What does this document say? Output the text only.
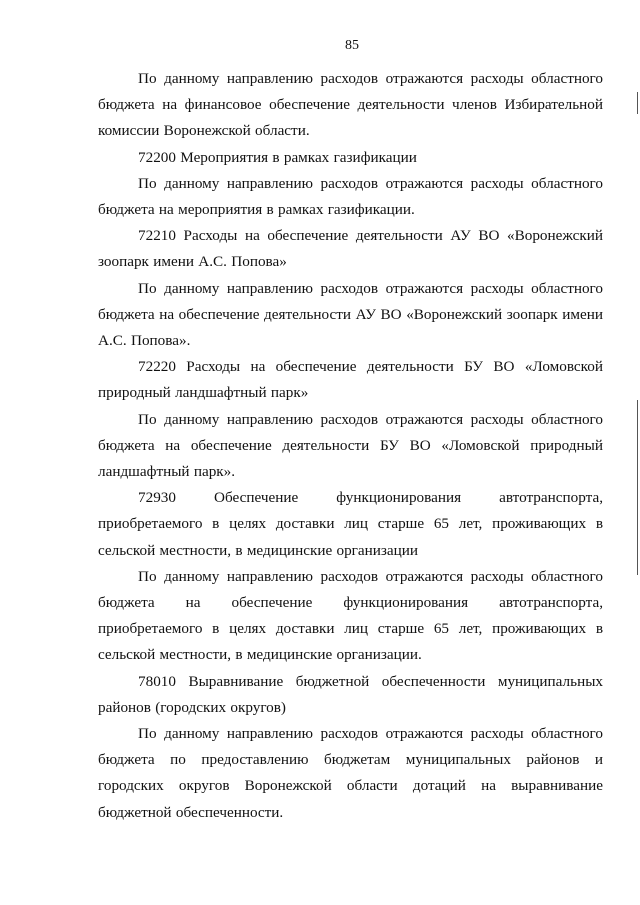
85

По данному направлению расходов отражаются расходы областного бюджета на финансовое обеспечение деятельности членов Избирательной комиссии Воронежской области.

72200 Мероприятия в рамках газификации

По данному направлению расходов отражаются расходы областного бюджета на мероприятия в рамках газификации.

72210 Расходы на обеспечение деятельности АУ ВО «Воронежский зоопарк имени А.С. Попова»

По данному направлению расходов отражаются расходы областного бюджета на обеспечение деятельности АУ ВО «Воронежский зоопарк имени А.С. Попова».

72220 Расходы на обеспечение деятельности БУ ВО «Ломовской природный ландшафтный парк»

По данному направлению расходов отражаются расходы областного бюджета на обеспечение деятельности БУ ВО «Ломовской природный ландшафтный парк».

72930 Обеспечение функционирования автотранспорта, приобретаемого в целях доставки лиц старше 65 лет, проживающих в сельской местности, в медицинские организации

По данному направлению расходов отражаются расходы областного бюджета на обеспечение функционирования автотранспорта, приобретаемого в целях доставки лиц старше 65 лет, проживающих в сельской местности, в медицинские организации.

78010 Выравнивание бюджетной обеспеченности муниципальных районов (городских округов)

По данному направлению расходов отражаются расходы областного бюджета по предоставлению бюджетам муниципальных районов и городских округов Воронежской области дотаций на выравнивание бюджетной обеспеченности.
